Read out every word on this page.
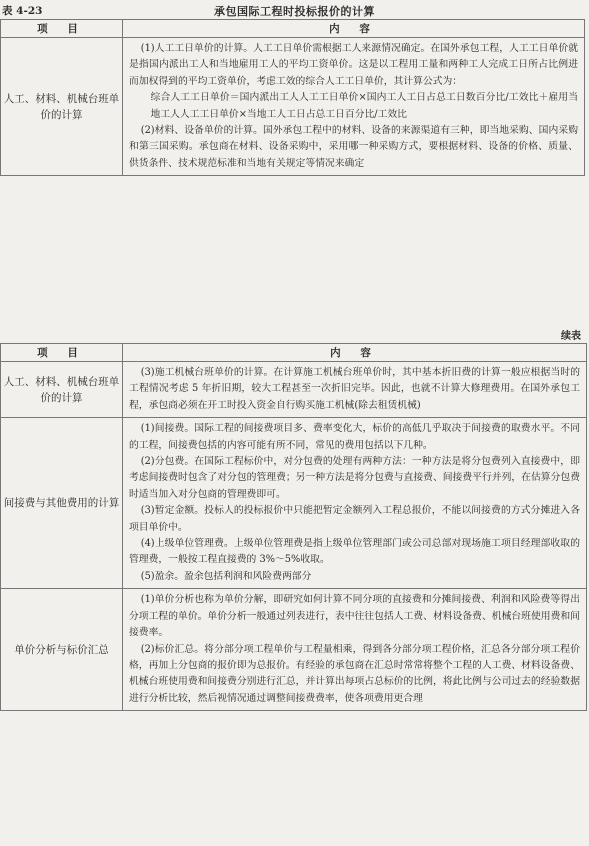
表 4-23	承包国际工程时投标报价的计算
项 目	内 容
人工、材料、机械台班单价的计算	(1)人工工日单价的计算。人工工日单价需根据工人来源情况确定。在国外承包工程，人工工日单价就是指国内派出工人和当地雇用工人的平均工资单价。这是以工程用工量和两种工人完成工日所占比例进而加权得到的平均工资单价，考虑工效的综合人工工日单价，其计算公式为：

综合人工工日单价＝国内派出工人人工工日单价×国内工人工日占总工日数百分比/工效比＋雇用当地工人人工工日单价×当地工人工日占总工日百分比/工效比

(2)材料、设备单价的计算。国外承包工程中的材料、设备的来源渠道有三种，即当地采购、国内采购和第三国采购。承包商在材料、设备采购中，采用哪一种采购方式，要根据材料、设备的价格、质量、供货条件、技术规范标准和当地有关规定等情况来确定

续表
项 目	内 容
人工、材料、机械台班单价的计算	(3)施工机械台班单价的计算。在计算施工机械台班单价时，其中基本折旧费的计算一般应根据当时的工程情况考虑 5 年折旧期，较大工程甚至一次折旧完毕。因此，也就不计算大修理费用。在国外承包工程，承包商必须在开工时投入资金自行购买施工机械(除去租赁机械)

间接费与其他费用的计算	(1)间接费。国际工程的间接费项目多、费率变化大，标价的高低几乎取决于间接费的取费水平。不同的工程，间接费包括的内容可能有所不同，常见的费用包括以下几种。

(2)分包费。在国际工程标价中，对分包费的处理有两种方法：一种方法是将分包费列入直接费中，即考虑间接费时包含了对分包的管理费；另一种方法是将分包费与直接费、间接费平行并列，在估算分包费时适当加入对分包商的管理费即可。

(3)暂定金额。投标人的投标报价中只能把暂定金额列入工程总报价，不能以间接费的方式分摊进入各项目单价中。

(4)上级单位管理费。上级单位管理费是指上级单位管理部门或公司总部对现场施工项目经理部收取的管理费，一般按工程直接费的 3%～5%收取。

(5)盈余。盈余包括利润和风险费两部分

单价分析与标价汇总	(1)单价分析也称为单价分解，即研究如何计算不同分项的直接费和分摊间接费、利润和风险费等得出分项工程的单价。单价分析一般通过列表进行，表中往往包括人工费、材料设备费、机械台班使用费和间接费率。

(2)标价汇总。将分部分项工程单价与工程量相乘，得到各分部分项工程价格，汇总各分部分项工程价格，再加上分包商的报价即为总报价。有经验的承包商在汇总时常常将整个工程的人工费、材料设备费、机械台班使用费和间接费分别进行汇总，并计算出每项占总标价的比例，将此比例与公司过去的经验数据进行分析比较，然后视情况通过调整间接费费率，使各项费用更合理
